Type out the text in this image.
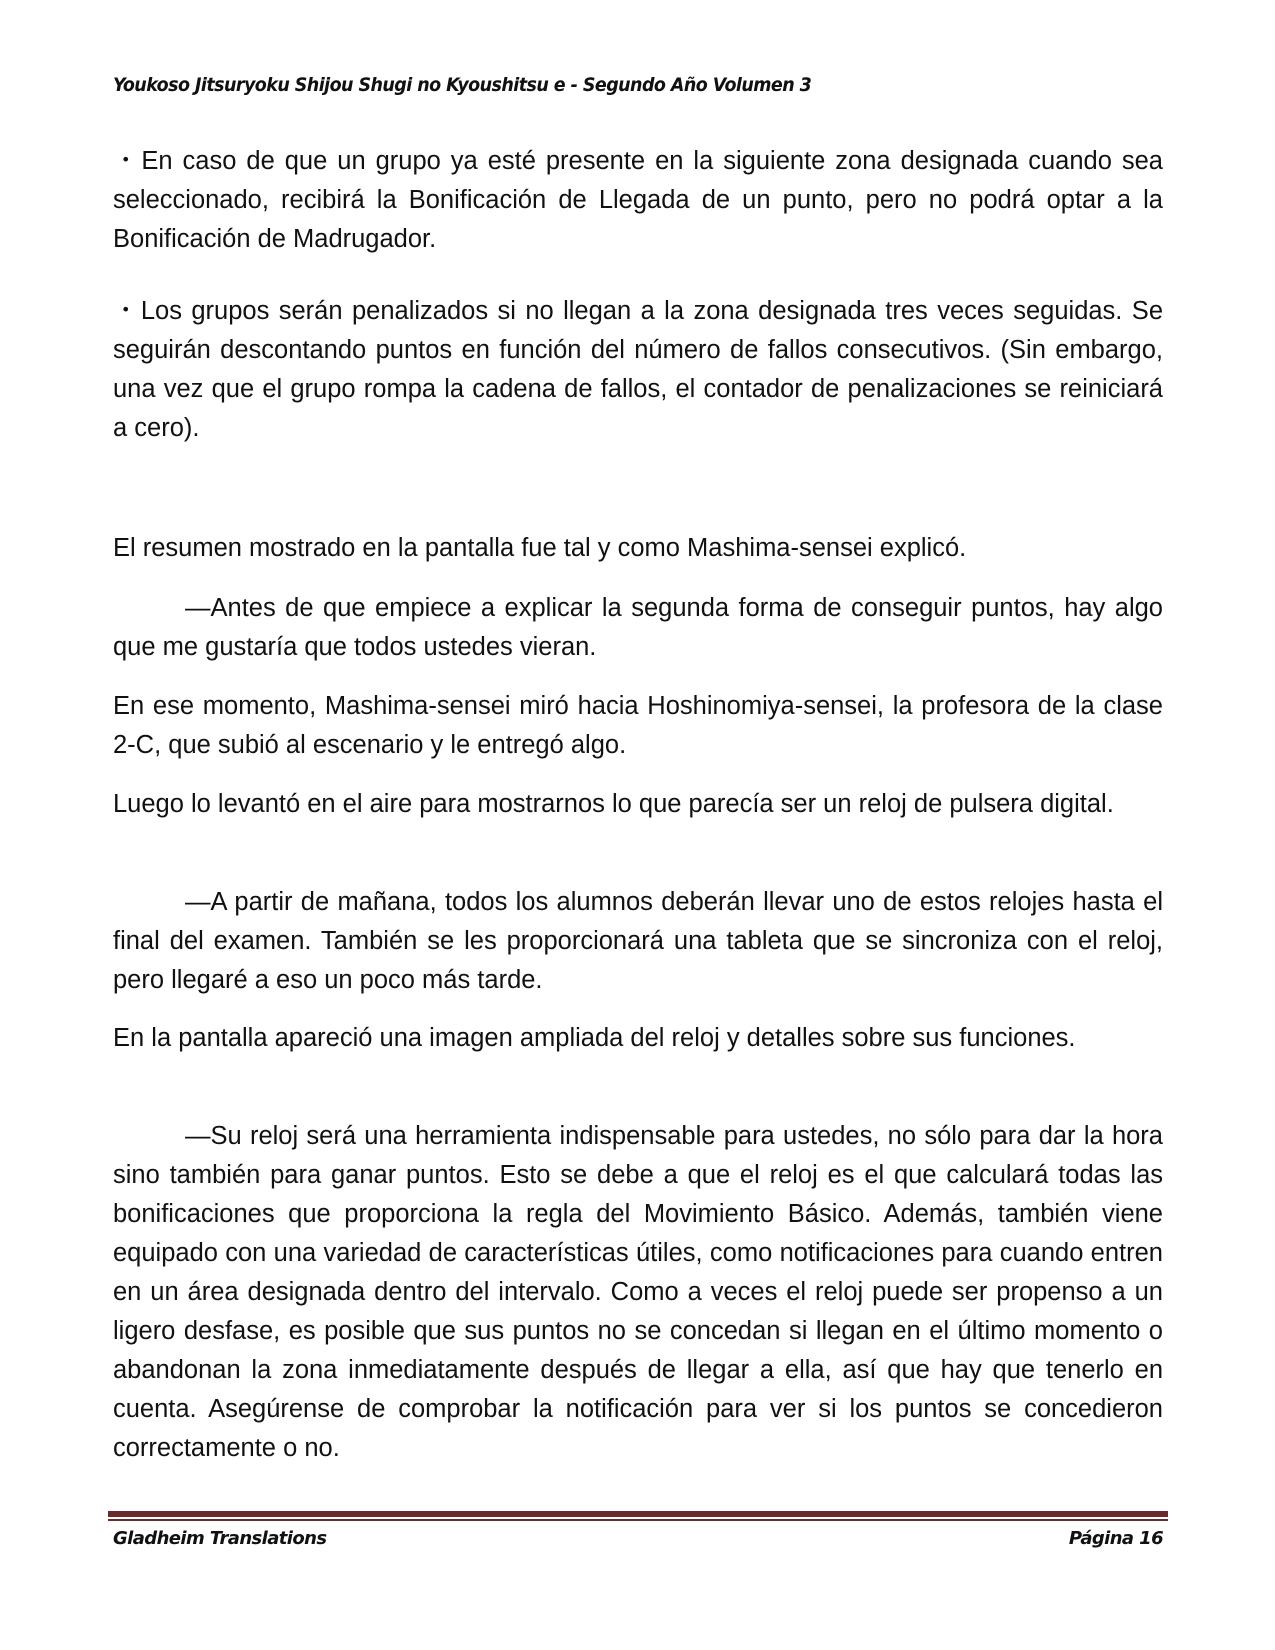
Youkoso Jitsuryoku Shijou Shugi no Kyoushitsu e - Segundo Año Volumen 3

・En caso de que un grupo ya esté presente en la siguiente zona designada cuando sea seleccionado, recibirá la Bonificación de Llegada de un punto, pero no podrá optar a la Bonificación de Madrugador.

・Los grupos serán penalizados si no llegan a la zona designada tres veces seguidas. Se seguirán descontando puntos en función del número de fallos consecutivos. (Sin embargo, una vez que el grupo rompa la cadena de fallos, el contador de penalizaciones se reiniciará a cero).

El resumen mostrado en la pantalla fue tal y como Mashima-sensei explicó.

—Antes de que empiece a explicar la segunda forma de conseguir puntos, hay algo que me gustaría que todos ustedes vieran.

En ese momento, Mashima-sensei miró hacia Hoshinomiya-sensei, la profesora de la clase 2-C, que subió al escenario y le entregó algo.

Luego lo levantó en el aire para mostrarnos lo que parecía ser un reloj de pulsera digital.

—A partir de mañana, todos los alumnos deberán llevar uno de estos relojes hasta el final del examen. También se les proporcionará una tableta que se sincroniza con el reloj, pero llegaré a eso un poco más tarde.

En la pantalla apareció una imagen ampliada del reloj y detalles sobre sus funciones.

—Su reloj será una herramienta indispensable para ustedes, no sólo para dar la hora sino también para ganar puntos. Esto se debe a que el reloj es el que calculará todas las bonificaciones que proporciona la regla del Movimiento Básico. Además, también viene equipado con una variedad de características útiles, como notificaciones para cuando entren en un área designada dentro del intervalo. Como a veces el reloj puede ser propenso a un ligero desfase, es posible que sus puntos no se concedan si llegan en el último momento o abandonan la zona inmediatamente después de llegar a ella, así que hay que tenerlo en cuenta. Asegúrense de comprobar la notificación para ver si los puntos se concedieron correctamente o no.

Gladheim Translations	Página 16
